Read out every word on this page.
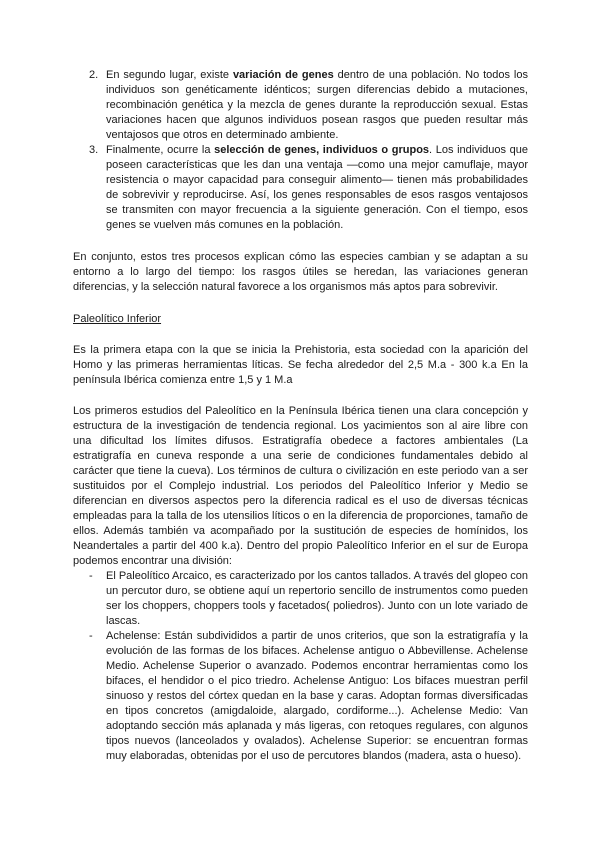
2. En segundo lugar, existe variación de genes dentro de una población. No todos los individuos son genéticamente idénticos; surgen diferencias debido a mutaciones, recombinación genética y la mezcla de genes durante la reproducción sexual. Estas variaciones hacen que algunos individuos posean rasgos que pueden resultar más ventajosos que otros en determinado ambiente.
3. Finalmente, ocurre la selección de genes, individuos o grupos. Los individuos que poseen características que les dan una ventaja —como una mejor camuflaje, mayor resistencia o mayor capacidad para conseguir alimento— tienen más probabilidades de sobrevivir y reproducirse. Así, los genes responsables de esos rasgos ventajosos se transmiten con mayor frecuencia a la siguiente generación. Con el tiempo, esos genes se vuelven más comunes en la población.

En conjunto, estos tres procesos explican cómo las especies cambian y se adaptan a su entorno a lo largo del tiempo: los rasgos útiles se heredan, las variaciones generan diferencias, y la selección natural favorece a los organismos más aptos para sobrevivir.

Paleolítico Inferior

Es la primera etapa con la que se inicia la Prehistoria, esta sociedad con la aparición del Homo y las primeras herramientas líticas. Se fecha alrededor del 2,5 M.a - 300 k.a En la península Ibérica comienza entre 1,5 y 1 M.a

Los primeros estudios del Paleolítico en la Península Ibérica tienen una clara concepción y estructura de la investigación de tendencia regional. Los yacimientos son al aire libre con una dificultad los límites difusos. Estratigrafía obedece a factores ambientales (La estratigrafía en cuneva responde a una serie de condiciones fundamentales debido al carácter que tiene la cueva). Los términos de cultura o civilización en este periodo van a ser sustituidos por el Complejo industrial. Los periodos del Paleolítico Inferior y Medio se diferencian en diversos aspectos pero la diferencia radical es el uso de diversas técnicas empleadas para la talla de los utensilios líticos o en la diferencia de proporciones, tamaño de ellos. Además también va acompañado por la sustitución de especies de homínidos, los Neandertales a partir del 400 k.a). Dentro del propio Paleolítico Inferior en el sur de Europa podemos encontrar una división:

- El Paleolítico Arcaico, es caracterizado por los cantos tallados. A través del glopeo con un percutor duro, se obtiene aquí un repertorio sencillo de instrumentos como pueden ser los choppers, choppers tools y facetados( poliedros). Junto con un lote variado de lascas.
- Achelense: Están subdivididos a partir de unos criterios, que son la estratigrafía y la evolución de las formas de los bifaces. Achelense antiguo o Abbevillense. Achelense Medio. Achelense Superior o avanzado. Podemos encontrar herramientas como los bifaces, el hendidor o el pico triedro. Achelense Antiguo: Los bifaces muestran perfil sinuoso y restos del córtex quedan en la base y caras. Adoptan formas diversificadas en tipos concretos (amigdaloide, alargado, cordiforme...). Achelense Medio: Van adoptando sección más aplanada y más ligeras, con retoques regulares, con algunos tipos nuevos (lanceolados y ovalados). Achelense Superior: se encuentran formas muy elaboradas, obtenidas por el uso de percutores blandos (madera, asta o hueso).
